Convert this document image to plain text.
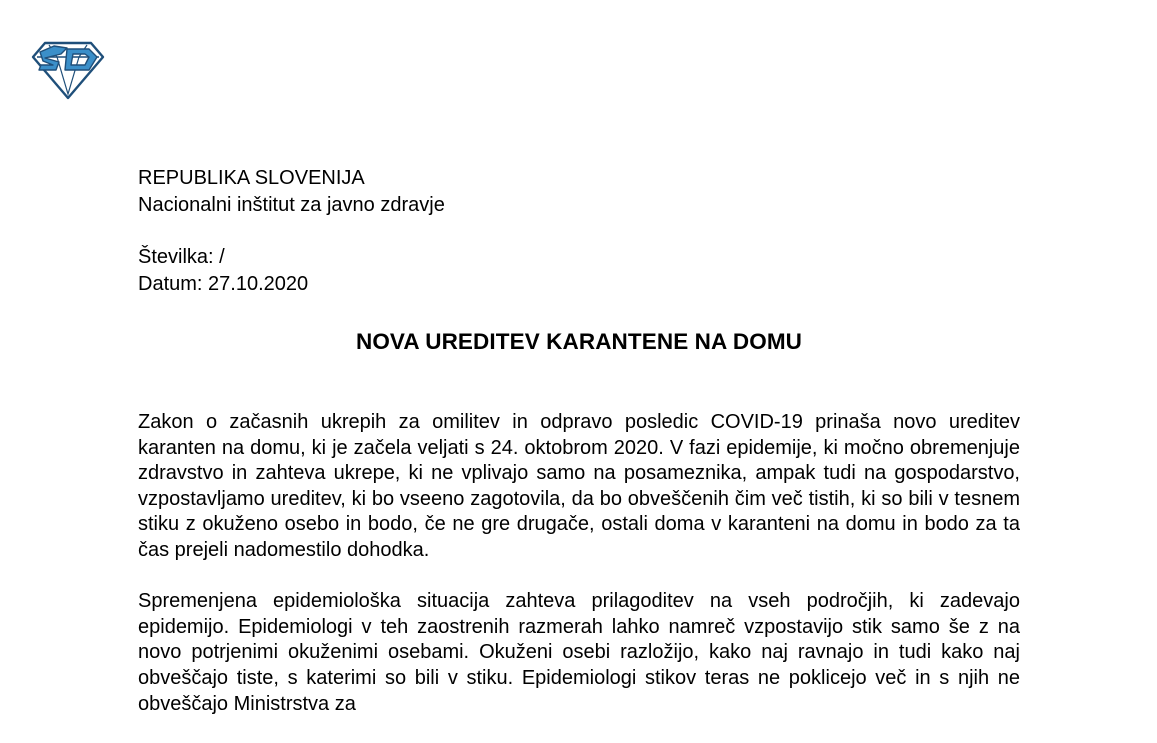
REPUBLIKA SLOVENIJA
Nacionalni inštitut za javno zdravje
Številka: /
Datum: 27.10.2020
NOVA UREDITEV KARANTENE NA DOMU

Zakon o začasnih ukrepih za omilitev in odpravo posledic COVID-19 prinaša novo ureditev karanten na domu, ki je začela veljati s 24. oktobrom 2020. V fazi epidemije, ki močno obremenjuje zdravstvo in zahteva ukrepe, ki ne vplivajo samo na posameznika, ampak tudi na gospodarstvo, vzpostavljamo ureditev, ki bo vseeno zagotovila, da bo obveščenih čim več tistih, ki so bili v tesnem stiku z okuženo osebo in bodo, če ne gre drugače, ostali doma v karanteni na domu in bodo za ta čas prejeli nadomestilo dohodka.

Spremenjena epidemiološka situacija zahteva prilagoditev na vseh področjih, ki zadevajo epidemijo. Epidemiologi v teh zaostrenih razmerah lahko namreč vzpostavijo stik samo še z na novo potrjenimi okuženimi osebami. Okuženi osebi razložijo, kako naj ravnajo in tudi kako naj obveščajo tiste, s katerimi so bili v stiku. Epidemiologi stikov teras ne poklicejo več in s njih ne obveščajo Ministrstva za
